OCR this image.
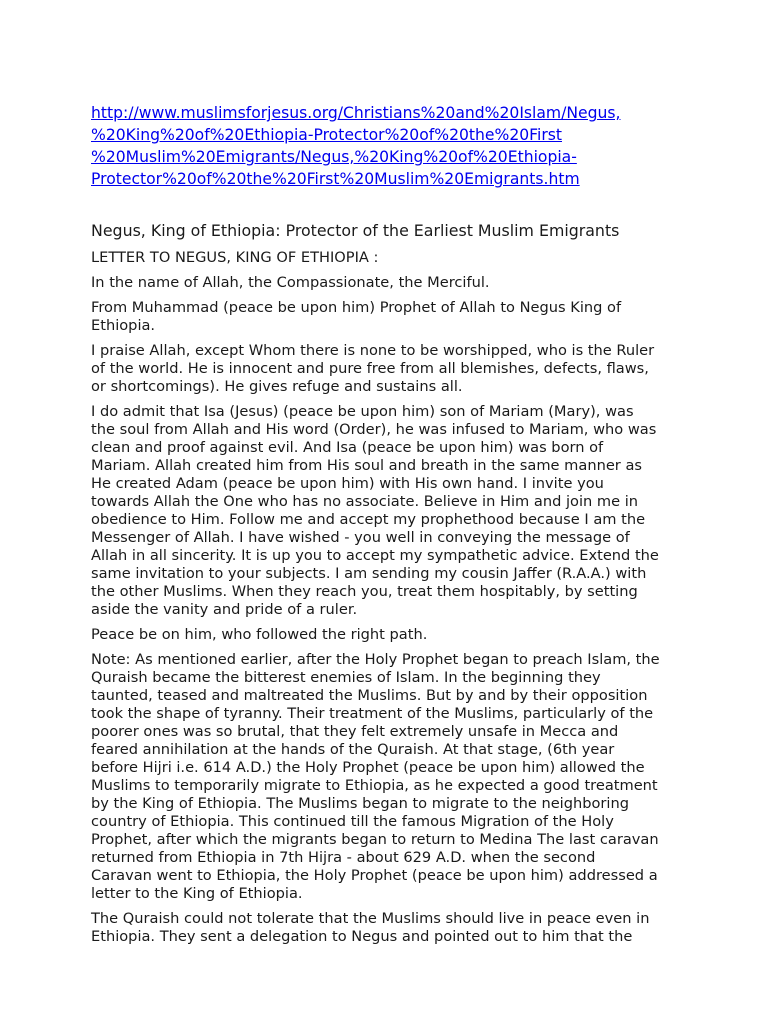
http://www.muslimsforjesus.org/Christians%20and%20Islam/Negus,
%20King%20of%20Ethiopia-Protector%20of%20the%20First
%20Muslim%20Emigrants/Negus,%20King%20of%20Ethiopia-
Protector%20of%20the%20First%20Muslim%20Emigrants.htm
Negus, King of Ethiopia: Protector of the Earliest Muslim Emigrants

LETTER TO NEGUS, KING OF ETHIOPIA :

In the name of Allah, the Compassionate, the Merciful.

From Muhammad (peace be upon him) Prophet of Allah to Negus King of
Ethiopia.

I praise Allah, except Whom there is none to be worshipped, who is the Ruler
of the world. He is innocent and pure free from all blemishes, defects, flaws,
or shortcomings). He gives refuge and sustains all.

I do admit that Isa (Jesus) (peace be upon him) son of Mariam (Mary), was
the soul from Allah and His word (Order), he was infused to Mariam, who was
clean and proof against evil. And Isa (peace be upon him) was born of
Mariam. Allah created him from His soul and breath in the same manner as
He created Adam (peace be upon him) with His own hand. I invite you
towards Allah the One who has no associate. Believe in Him and join me in
obedience to Him. Follow me and accept my prophethood because I am the
Messenger of Allah. I have wished - you well in conveying the message of
Allah in all sincerity. It is up you to accept my sympathetic advice. Extend the
same invitation to your subjects. I am sending my cousin Jaffer (R.A.A.) with
the other Muslims. When they reach you, treat them hospitably, by setting
aside the vanity and pride of a ruler.

Peace be on him, who followed the right path.

Note: As mentioned earlier, after the Holy Prophet began to preach Islam, the
Quraish became the bitterest enemies of Islam. In the beginning they
taunted, teased and maltreated the Muslims. But by and by their opposition
took the shape of tyranny. Their treatment of the Muslims, particularly of the
poorer ones was so brutal, that they felt extremely unsafe in Mecca and
feared annihilation at the hands of the Quraish. At that stage, (6th year
before Hijri i.e. 614 A.D.) the Holy Prophet (peace be upon him) allowed the
Muslims to temporarily migrate to Ethiopia, as he expected a good treatment
by the King of Ethiopia. The Muslims began to migrate to the neighboring
country of Ethiopia. This continued till the famous Migration of the Holy
Prophet, after which the migrants began to return to Medina The last caravan
returned from Ethiopia in 7th Hijra - about 629 A.D. when the second
Caravan went to Ethiopia, the Holy Prophet (peace be upon him) addressed a
letter to the King of Ethiopia.

The Quraish could not tolerate that the Muslims should live in peace even in
Ethiopia. They sent a delegation to Negus and pointed out to him that the
